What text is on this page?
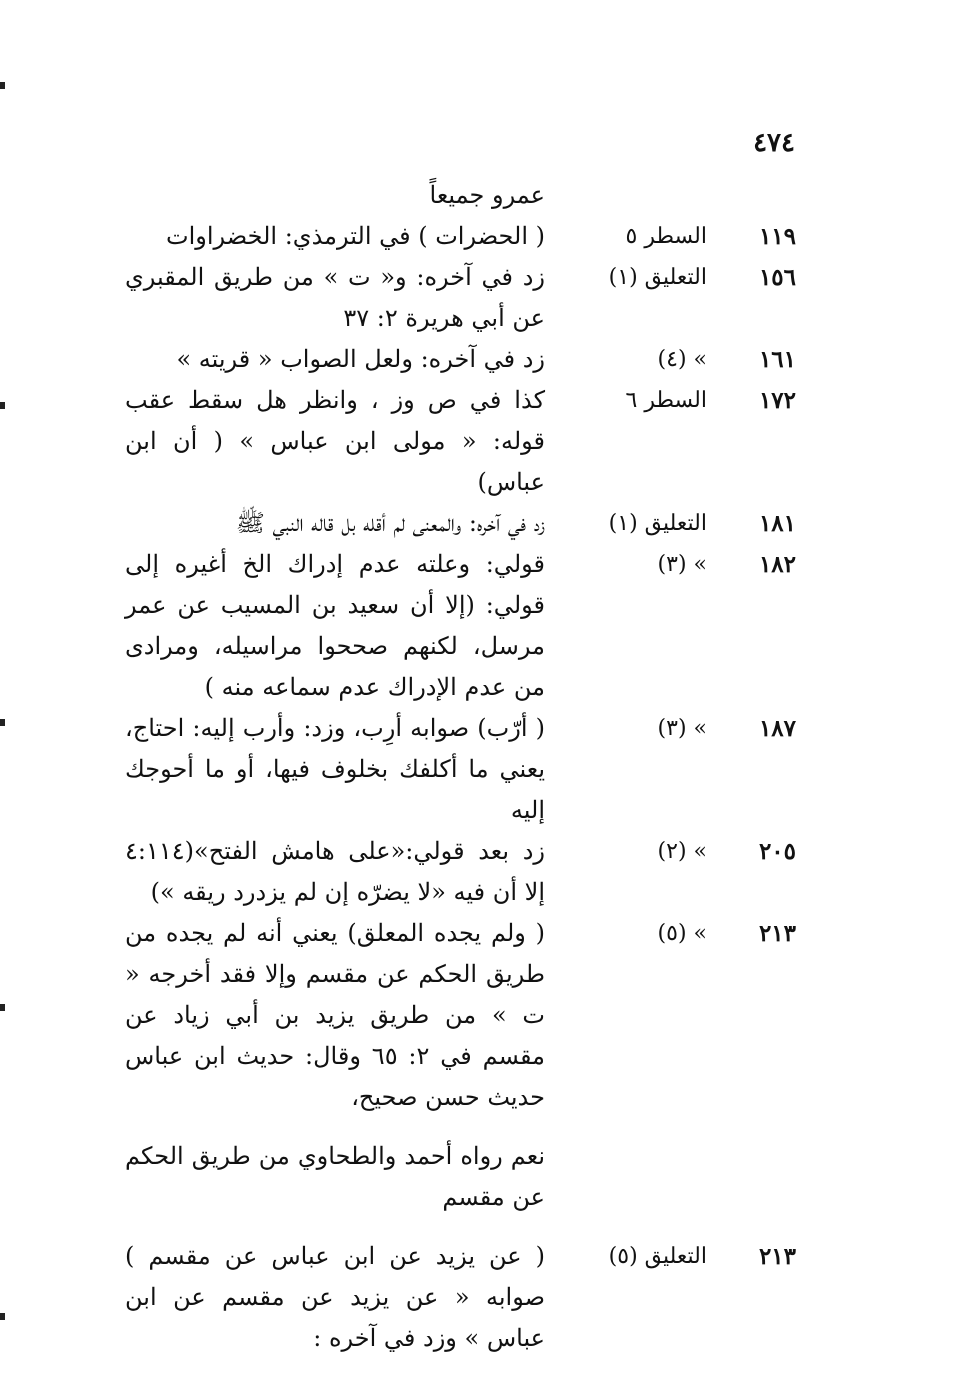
٤٧٤
عمرو جميعاً
١١٩
السطر ٥
( الحضرات ) في الترمذي: الخضراوات
١٥٦
التعليق (١)
زد في آخره: و« ت » من طريق المقبري عن أبي هريرة ٢: ٣٧
١٦١
» (٤)
زد في آخره: ولعل الصواب « قريته »
١٧٢
السطر ٦
كذا في ص وز ، وانظر هل سقط عقب قوله: « مولى ابن عباس » ( أن ابن عباس)
١٨١
التعليق (١)
زد في آخره: والمعنى لم أقله بل قاله النبي ﷺ
١٨٢
» (٣)
قولي: وعلته عدم إدراك الخ أغيره إلى قولي: (إلا أن سعيد بن المسيب عن عمر مرسل، لكنهم صححوا مراسيله، ومرادى من عدم الإدراك عدم سماعه منه )
١٨٧
» (٣)
( أرّب) صوابه أرِب، وزد: وأرب إليه: احتاج، يعني ما أكلفك بخلوف فيها، أو ما أحوجك إليه
٢٠٥
» (٢)
زد بعد قولي:«على هامش الفتح»(٤:١١٤ إلا أن فيه «لا يضرّه إن لم يزدرد ريقه »)
٢١٣
» (٥)
( ولم يجده المعلق) يعني أنه لم يجده من طريق الحكم عن مقسم وإلا فقد أخرجه « ت » من طريق يزيد بن أبي زياد عن مقسم في ٢: ٦٥ وقال: حديث ابن عباس حديث حسن صحيح،
نعم رواه أحمد والطحاوي من طريق الحكم عن مقسم
٢١٣
التعليق (٥)
( عن يزيد عن ابن عباس عن مقسم ) صوابه « عن يزيد عن مقسم عن ابن عباس » وزد في آخره :
